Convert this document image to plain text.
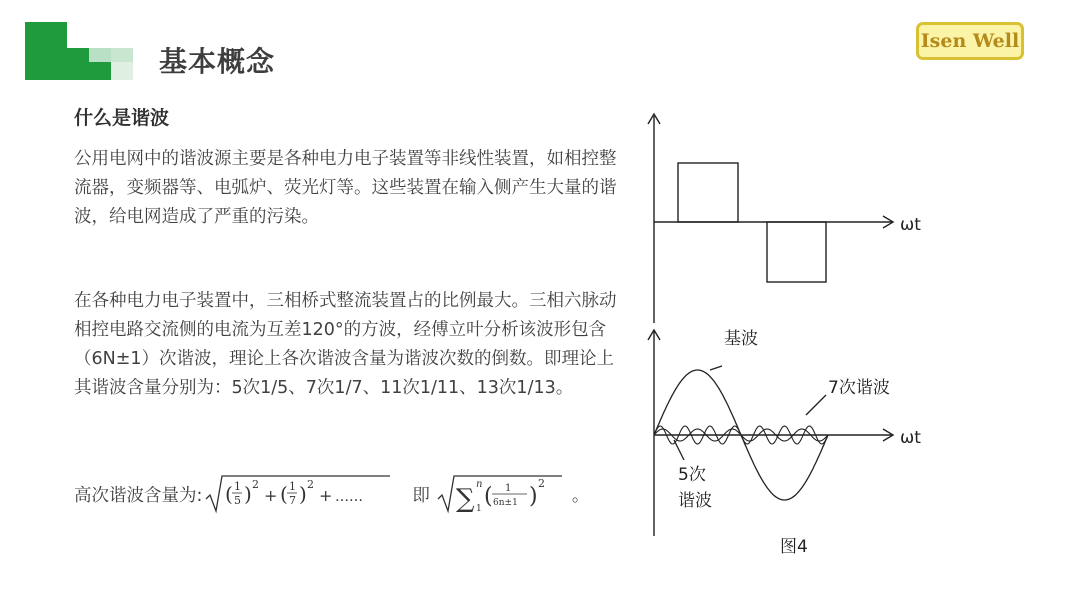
基本概念
Isen Well
什么是谐波
公用电网中的谐波源主要是各种电力电子装置等非线性装置，如相控整流器，变频器等、电弧炉、荧光灯等。这些装置在输入侧产生大量的谐波，给电网造成了严重的污染。
在各种电力电子装置中，三相桥式整流装置占的比例最大。三相六脉动相控电路交流侧的电流为互差120°的方波，经傅立叶分析该波形包含（6N±1）次谐波，理论上各次谐波含量为谐波次数的倒数。即理论上其谐波含量分别为：5次1/5、7次1/7、11次1/11、13次1/13。
高次谐波含量为: ( 1
5 ) 2
+ ( 1
7 ) 2
+ ……	即 ∑ 1
n ( 1
6n±1 )
2
。
ωt
基波
7次谐波
5次
谐波
ωt
图4
